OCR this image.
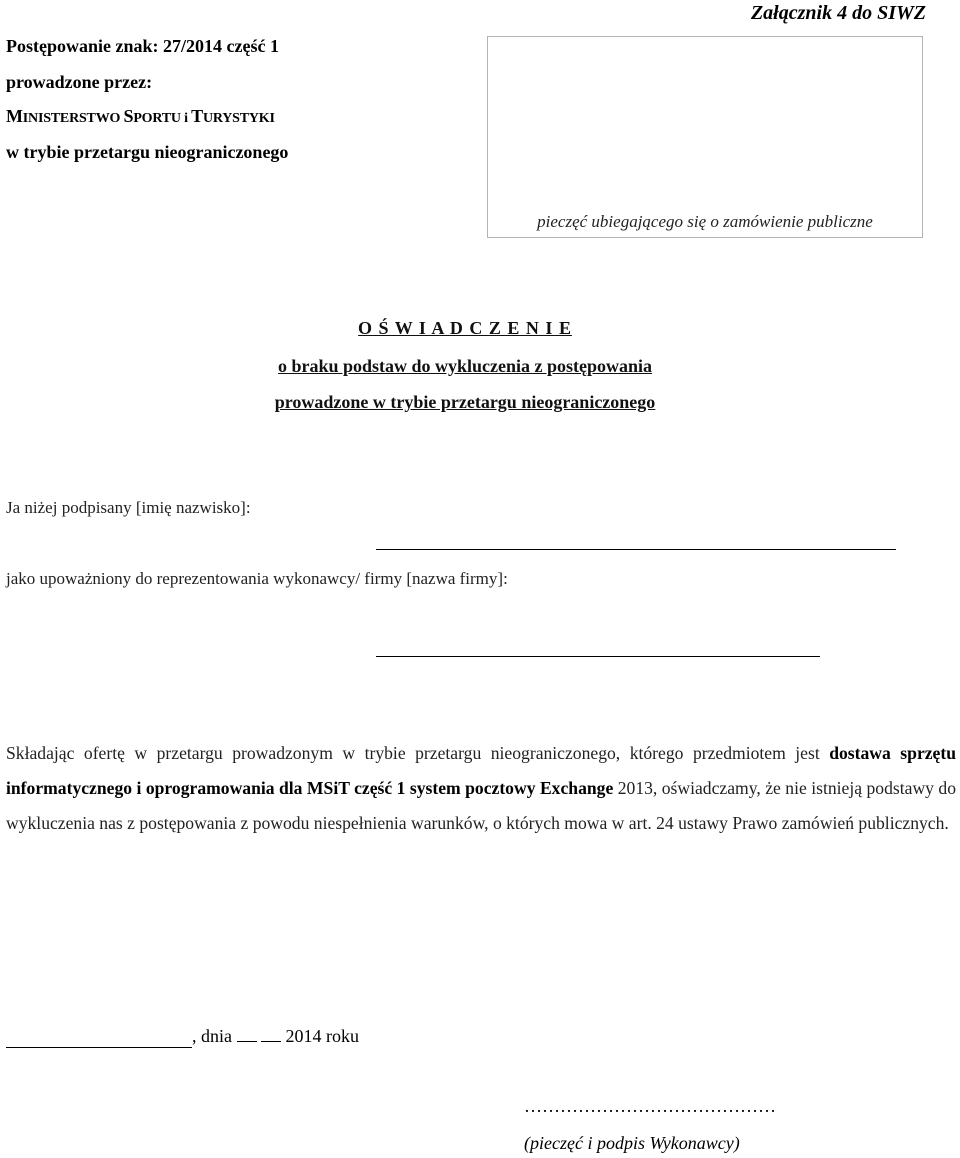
Załącznik 4 do SIWZ
Postępowanie znak: 27/2014 część 1
prowadzone przez:
MINISTERSTWO SPORTU i TURYSTYKI
w trybie przetargu nieograniczonego
pieczęć ubiegającego się o zamówienie publiczne
O Ś W I A D C Z E N I E
o braku podstaw do wykluczenia z postępowania
prowadzone w trybie przetargu nieograniczonego
Ja niżej podpisany [imię nazwisko]:
jako upoważniony do reprezentowania wykonawcy/ firmy [nazwa firmy]:
Składając ofertę w przetargu prowadzonym w trybie przetargu nieograniczonego, którego przedmiotem jest dostawa sprzętu informatycznego i oprogramowania dla MSiT część 1 system pocztowy Exchange 2013, oświadczamy, że nie istnieją podstawy do wykluczenia nas z postępowania z powodu niespełnienia warunków, o których mowa w art. 24 ustawy Prawo zamówień publicznych.
, dnia	2014 roku
……………………………………
(pieczęć i podpis Wykonawcy)
